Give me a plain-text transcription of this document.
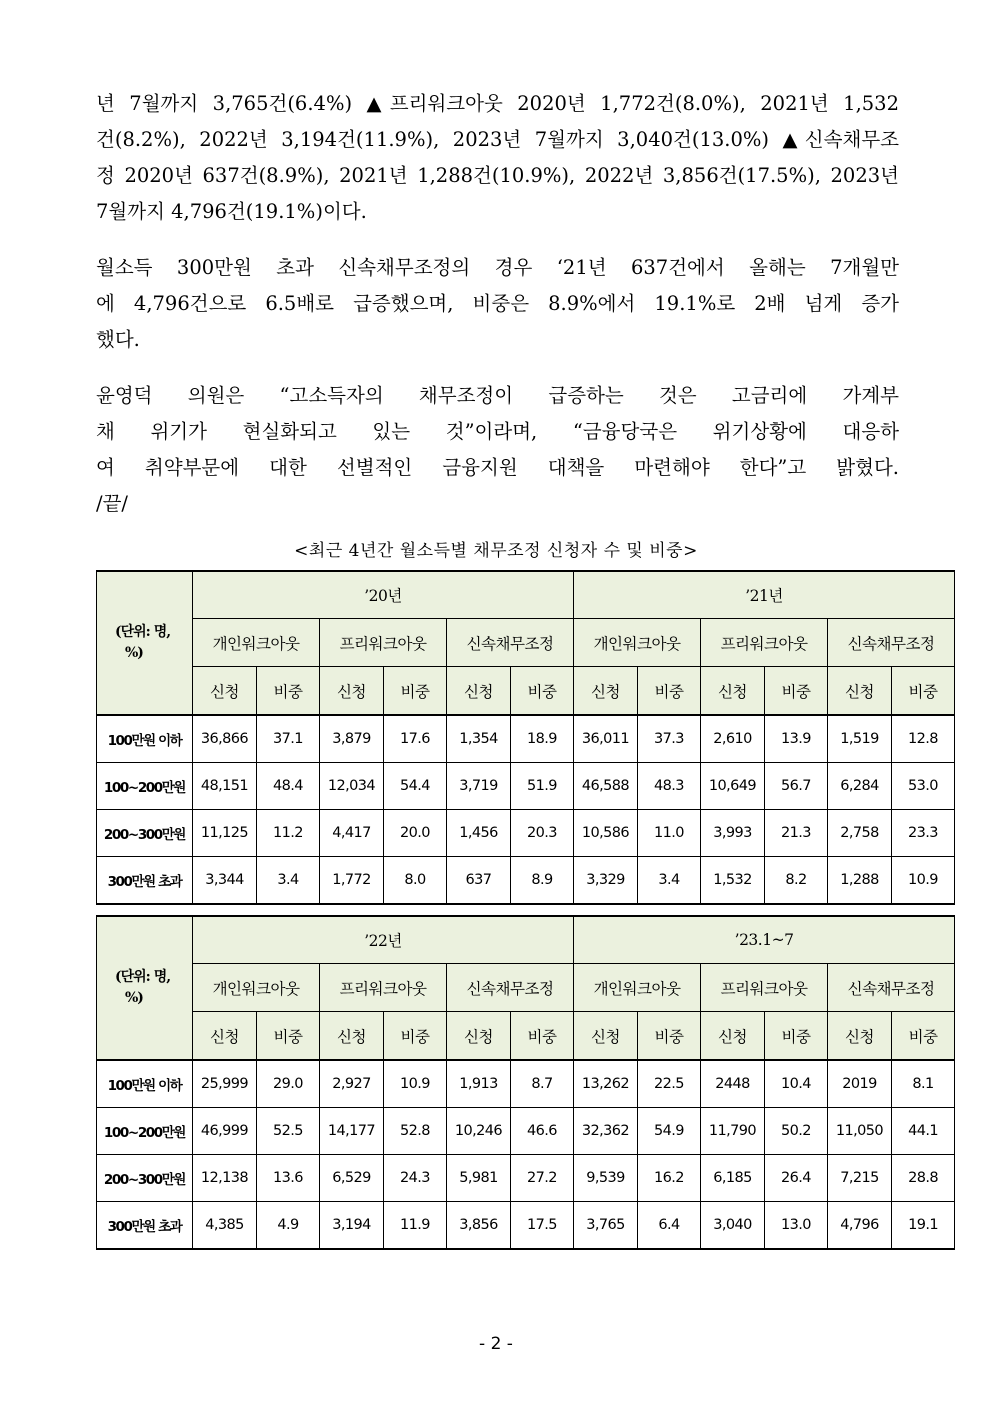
년 7월까지 3,765건(6.4%) ▲프리워크아웃 2020년 1,772건(8.0%), 2021년 1,532
건(8.2%), 2022년 3,194건(11.9%), 2023년 7월까지 3,040건(13.0%) ▲신속채무조
정 2020년 637건(8.9%), 2021년 1,288건(10.9%), 2022년 3,856건(17.5%), 2023년
7월까지 4,796건(19.1%)이다.
월소득 300만원 초과 신속채무조정의 경우 ‘21년 637건에서 올해는 7개월만
에 4,796건으로 6.5배로 급증했으며, 비중은 8.9%에서 19.1%로 2배 넘게 증가
했다.
윤영덕 의원은 “고소득자의 채무조정이 급증하는 것은 고금리에 가계부
채 위기가 현실화되고 있는 것”이라며, “금융당국은 위기상황에 대응하
여 취약부문에 대한 선별적인 금융지원 대책을 마련해야 한다”고 밝혔다.
/끝/
<최근 4년간 월소득별 채무조정 신청자 수 및 비중>
(단위: 명,
%)	’20년						’21년					
	개인워크아웃		프리워크아웃		신속채무조정		개인워크아웃		프리워크아웃		신속채무조정	
	신청	비중	신청	비중	신청	비중	신청	비중	신청	비중	신청	비중
100만원 이하	36,866	37.1	3,879	17.6	1,354	18.9	36,011	37.3	2,610	13.9	1,519	12.8
100~200만원	48,151	48.4	12,034	54.4	3,719	51.9	46,588	48.3	10,649	56.7	6,284	53.0
200~300만원	11,125	11.2	4,417	20.0	1,456	20.3	10,586	11.0	3,993	21.3	2,758	23.3
300만원 초과	3,344	3.4	1,772	8.0	637	8.9	3,329	3.4	1,532	8.2	1,288	10.9
(단위: 명,
%)	’22년						’23.1~7					
	개인워크아웃		프리워크아웃		신속채무조정		개인워크아웃		프리워크아웃		신속채무조정	
	신청	비중	신청	비중	신청	비중	신청	비중	신청	비중	신청	비중
100만원 이하	25,999	29.0	2,927	10.9	1,913	8.7	13,262	22.5	2448	10.4	2019	8.1
100~200만원	46,999	52.5	14,177	52.8	10,246	46.6	32,362	54.9	11,790	50.2	11,050	44.1
200~300만원	12,138	13.6	6,529	24.3	5,981	27.2	9,539	16.2	6,185	26.4	7,215	28.8
300만원 초과	4,385	4.9	3,194	11.9	3,856	17.5	3,765	6.4	3,040	13.0	4,796	19.1
- 2 -
